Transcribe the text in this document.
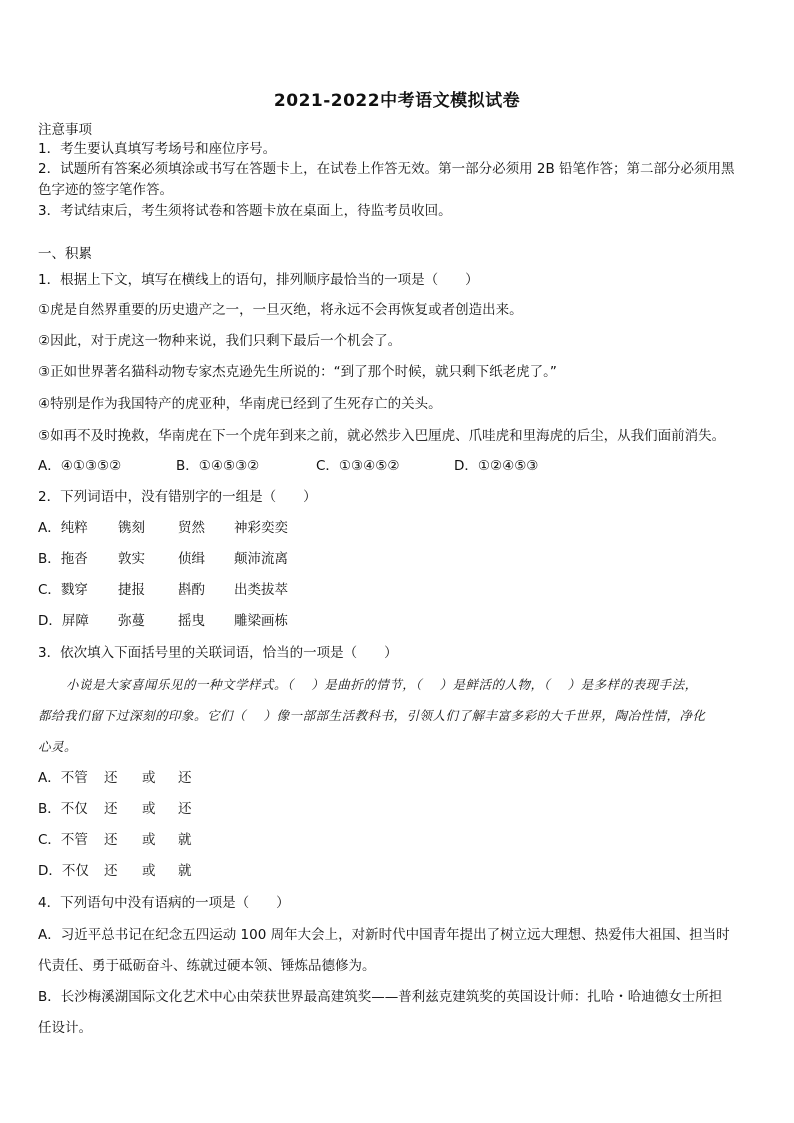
2021-2022中考语文模拟试卷
注意事项
1．考生要认真填写考场号和座位序号。
2．试题所有答案必须填涂或书写在答题卡上，在试卷上作答无效。第一部分必须用 2B 铅笔作答；第二部分必须用黑
色字迹的签字笔作答。
3．考试结束后，考生须将试卷和答题卡放在桌面上，待监考员收回。
一、积累
1．根据上下文，填写在横线上的语句，排列顺序最恰当的一项是（　　）
①虎是自然界重要的历史遗产之一，一旦灭绝，将永远不会再恢复或者创造出来。
②因此，对于虎这一物种来说，我们只剩下最后一个机会了。
③正如世界著名猫科动物专家杰克逊先生所说的：“到了那个时候，就只剩下纸老虎了。”
④特别是作为我国特产的虎亚种，华南虎已经到了生死存亡的关头。
⑤如再不及时挽救，华南虎在下一个虎年到来之前，就必然步入巴厘虎、爪哇虎和里海虎的后尘，从我们面前消失。
A．④①③⑤②	B．①④⑤③②	C．①③④⑤②	D．①②④⑤③
2．下列词语中，没有错别字的一组是（　　）
A．纯粹 镌刻 贸然 神彩奕奕
B．拖沓 敦实 侦缉 颠沛流离
C．戮穿 捷报 斟酌 出类拔萃
D．屏障 弥蔓 摇曳 雕梁画栋
3．依次填入下面括号里的关联词语，恰当的一项是（　　）
小说是大家喜闻乐见的一种文学样式。（　 ）是曲折的情节，（　 ）是鲜活的人物，（　 ）是多样的表现手法，
都给我们留下过深刻的印象。它们（　 ）像一部部生活教科书，引领人们了解丰富多彩的大千世界，陶冶性情，净化
心灵。
A．不管 还 或 还
B．不仅 还 或 还
C．不管 还 或 就
D．不仅 还 或 就
4．下列语句中没有语病的一项是（　　）
A．习近平总书记在纪念五四运动 100 周年大会上，对新时代中国青年提出了树立远大理想、热爱伟大祖国、担当时
代责任、勇于砥砺奋斗、练就过硬本领、锤炼品德修为。
B．长沙梅溪湖国际文化艺术中心由荣获世界最高建筑奖——普利兹克建筑奖的英国设计师：扎哈・哈迪德女士所担
任设计。
